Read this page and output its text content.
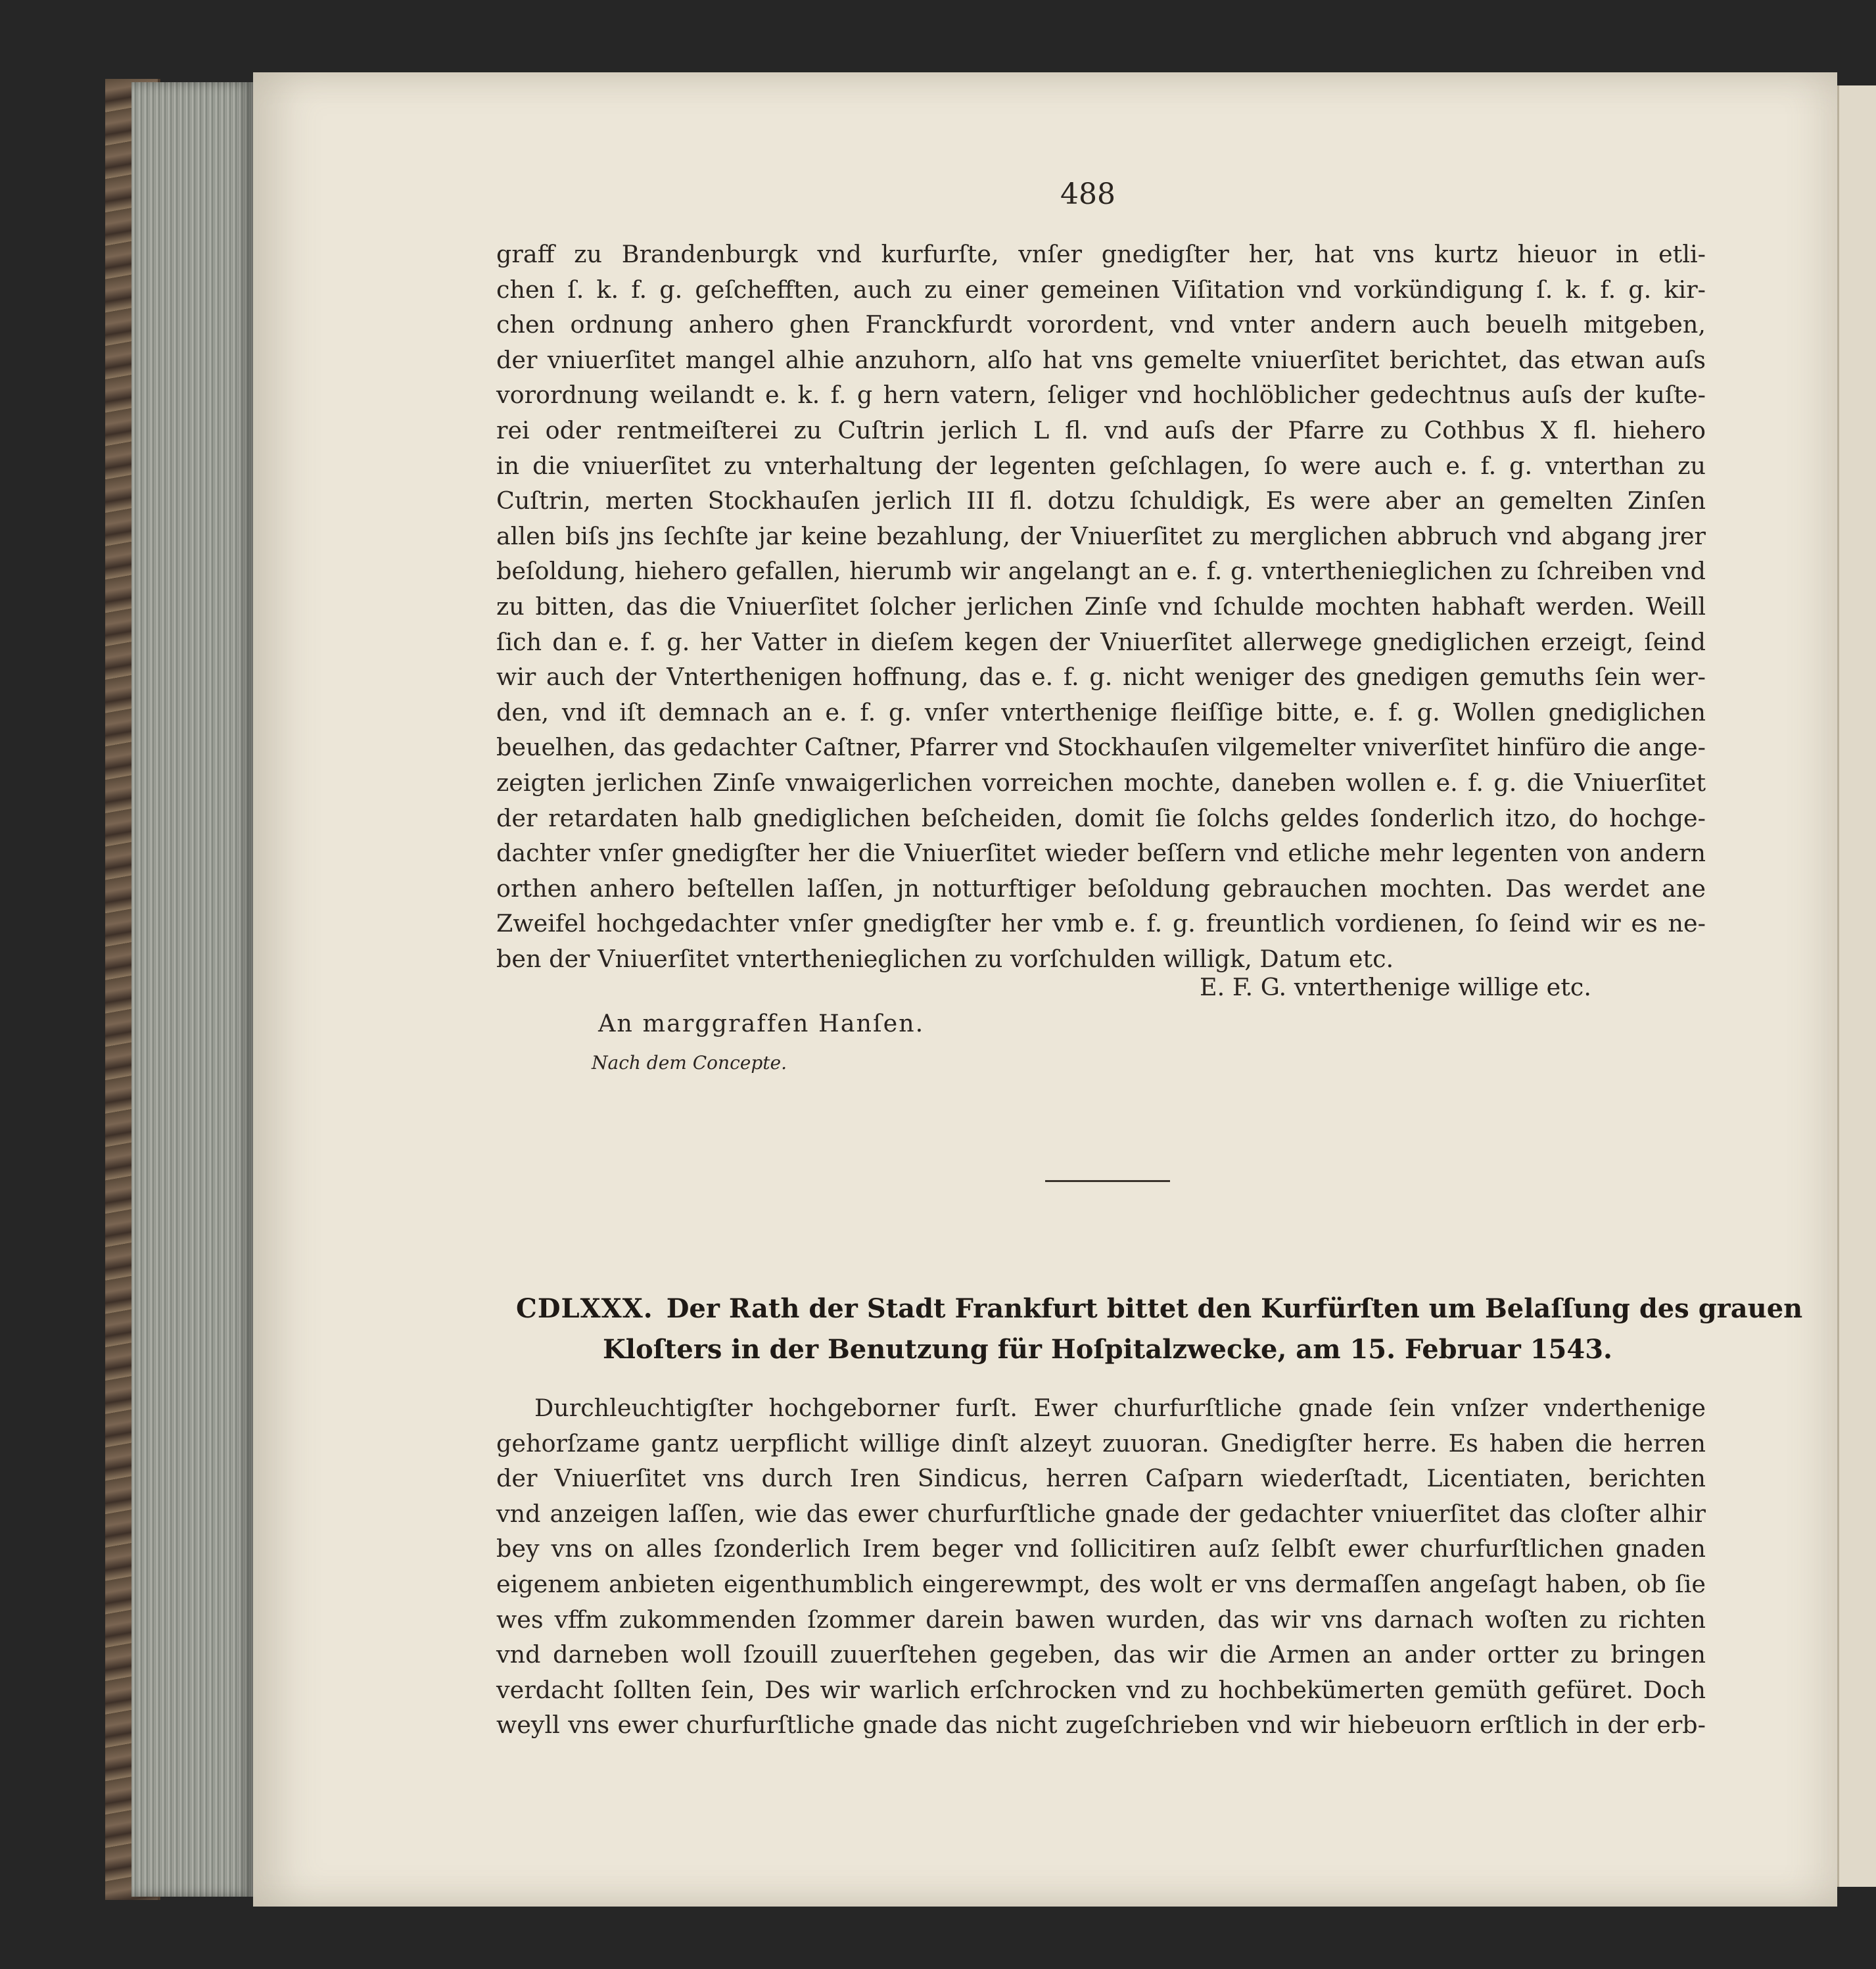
488
graff zu Brandenburgk vnd kurfurſte, vnſer gnedigſter her, hat vns kurtz hieuor in etli-
chen ſ. k. f. g. geſchefften, auch zu einer gemeinen Viſitation vnd vorkündigung ſ. k. f. g. kir-
chen ordnung anhero ghen Franckfurdt vorordent, vnd vnter andern auch beuelh mitgeben,
der vniuerſitet mangel alhie anzuhorn, alſo hat vns gemelte vniuerſitet berichtet, das etwan auſs
vorordnung weilandt e. k. f. g hern vatern, ſeliger vnd hochlöblicher gedechtnus auſs der kuſte-
rei oder rentmeiſterei zu Cuſtrin jerlich L fl. vnd auſs der Pfarre zu Cothbus X fl. hiehero
in die vniuerſitet zu vnterhaltung der legenten geſchlagen, ſo were auch e. f. g. vnterthan zu
Cuſtrin, merten Stockhauſen jerlich III fl. dotzu ſchuldigk, Es were aber an gemelten Zinſen
allen biſs jns ſechſte jar keine bezahlung, der Vniuerſitet zu merglichen abbruch vnd abgang jrer
beſoldung, hiehero gefallen, hierumb wir angelangt an e. f. g. vnterthenieglichen zu ſchreiben vnd
zu bitten, das die Vniuerſitet ſolcher jerlichen Zinſe vnd ſchulde mochten habhaft werden. Weill
ſich dan e. f. g. her Vatter in dieſem kegen der Vniuerſitet allerwege gnediglichen erzeigt, ſeind
wir auch der Vnterthenigen hoffnung, das e. f. g. nicht weniger des gnedigen gemuths ſein wer-
den, vnd iſt demnach an e. f. g. vnſer vnterthenige fleiſſige bitte, e. f. g. Wollen gnediglichen
beuelhen, das gedachter Caſtner, Pfarrer vnd Stockhauſen vilgemelter vniverſitet hinfüro die ange-
zeigten jerlichen Zinſe vnwaigerlichen vorreichen mochte, daneben wollen e. f. g. die Vniuerſitet
der retardaten halb gnediglichen beſcheiden, domit ſie ſolchs geldes ſonderlich itzo, do hochge-
dachter vnſer gnedigſter her die Vniuerſitet wieder beſſern vnd etliche mehr legenten von andern
orthen anhero beſtellen laſſen, jn notturftiger beſoldung gebrauchen mochten. Das werdet ane
Zweifel hochgedachter vnſer gnedigſter her vmb e. f. g. freuntlich vordienen, ſo ſeind wir es ne-
ben der Vniuerſitet vnterthenieglichen zu vorſchulden willigk, Datum etc.
E. F. G. vnterthenige willige etc.
An marggraffen Hanſen.
Nach dem Concepte.
CDLXXX. Der Rath der Stadt Frankfurt bittet den Kurfürſten um Belaſſung des grauen
Kloſters in der Benutzung für Hoſpitalzwecke, am 15. Februar 1543.
Durchleuchtigſter hochgeborner furſt. Ewer churfurſtliche gnade ſein vnſzer vnderthenige
gehorſzame gantz uerpflicht willige dinſt alzeyt zuuoran. Gnedigſter herre. Es haben die herren
der Vniuerſitet vns durch Iren Sindicus, herren Caſparn wiederſtadt, Licentiaten, berichten
vnd anzeigen laſſen, wie das ewer churfurſtliche gnade der gedachter vniuerſitet das cloſter alhir
bey vns on alles ſzonderlich Irem beger vnd ſollicitiren auſz ſelbſt ewer churfurſtlichen gnaden
eigenem anbieten eigenthumblich eingerewmpt, des wolt er vns dermaſſen angeſagt haben, ob ſie
wes vffm zukommenden ſzommer darein bawen wurden, das wir vns darnach woſten zu richten
vnd darneben woll ſzouill zuuerſtehen gegeben, das wir die Armen an ander ortter zu bringen
verdacht ſollten ſein, Des wir warlich erſchrocken vnd zu hochbekümerten gemüth gefüret. Doch
weyll vns ewer churfurſtliche gnade das nicht zugeſchrieben vnd wir hiebeuorn erſtlich in der erb-
